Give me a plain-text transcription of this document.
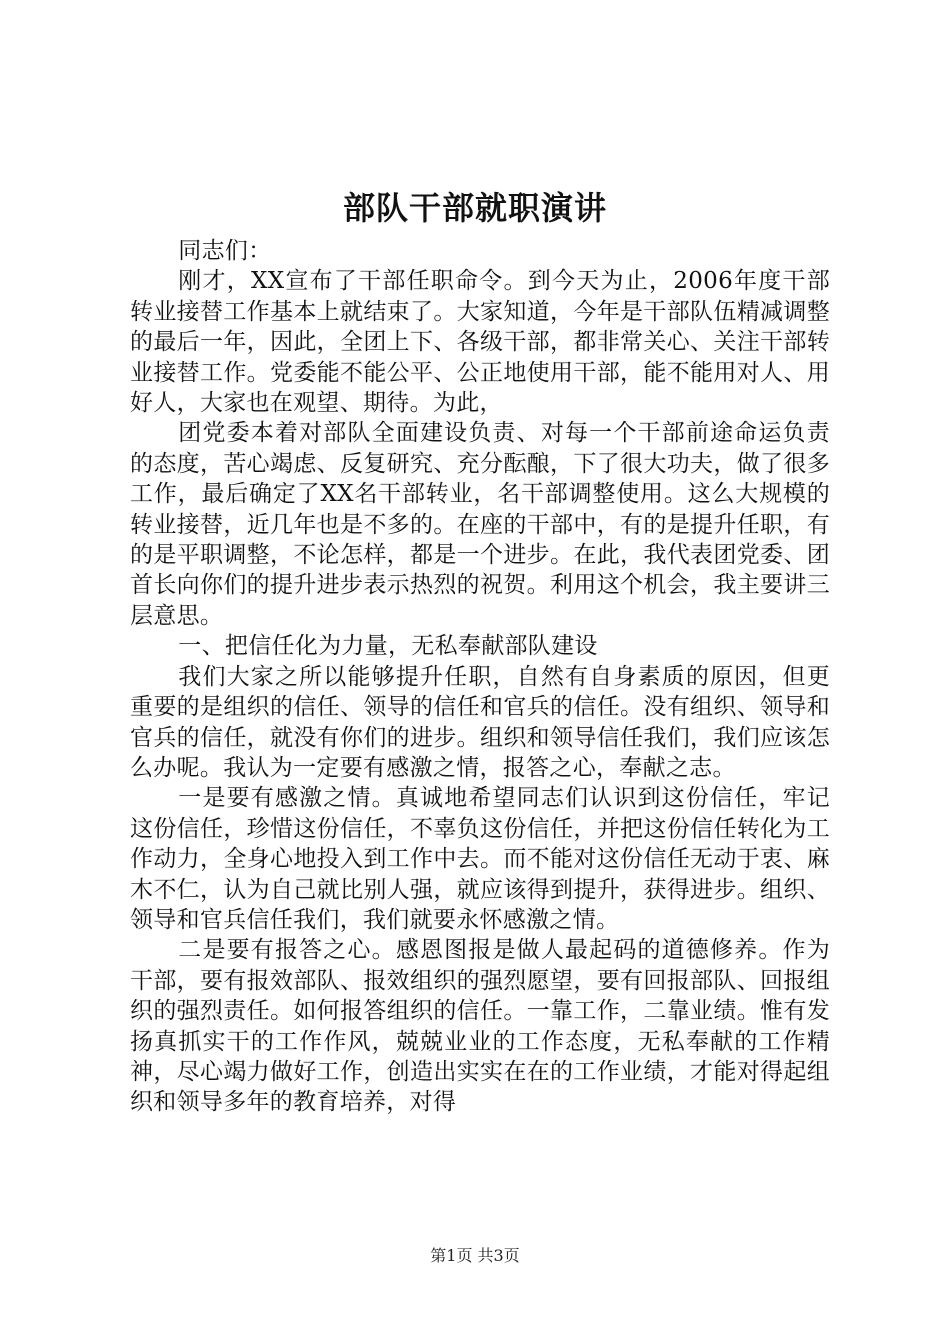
部队干部就职演讲

同志们：

刚才，XX宣布了干部任职命令。到今天为止，2006年度干部转业接替工作基本上就结束了。大家知道，今年是干部队伍精减调整的最后一年，因此，全团上下、各级干部，都非常关心、关注干部转业接替工作。党委能不能公平、公正地使用干部，能不能用对人、用好人，大家也在观望、期待。为此，

团党委本着对部队全面建设负责、对每一个干部前途命运负责的态度，苦心竭虑、反复研究、充分酝酿，下了很大功夫，做了很多工作，最后确定了XX名干部转业，名干部调整使用。这么大规模的转业接替，近几年也是不多的。在座的干部中，有的是提升任职，有的是平职调整，不论怎样，都是一个进步。在此，我代表团党委、团首长向你们的提升进步表示热烈的祝贺。利用这个机会，我主要讲三层意思。

一、把信任化为力量，无私奉献部队建设

我们大家之所以能够提升任职，自然有自身素质的原因，但更重要的是组织的信任、领导的信任和官兵的信任。没有组织、领导和官兵的信任，就没有你们的进步。组织和领导信任我们，我们应该怎么办呢。我认为一定要有感激之情，报答之心，奉献之志。

一是要有感激之情。真诚地希望同志们认识到这份信任，牢记这份信任，珍惜这份信任，不辜负这份信任，并把这份信任转化为工作动力，全身心地投入到工作中去。而不能对这份信任无动于衷、麻木不仁，认为自己就比别人强，就应该得到提升，获得进步。组织、领导和官兵信任我们，我们就要永怀感激之情。

二是要有报答之心。感恩图报是做人最起码的道德修养。作为干部，要有报效部队、报效组织的强烈愿望，要有回报部队、回报组织的强烈责任。如何报答组织的信任。一靠工作，二靠业绩。惟有发扬真抓实干的工作作风，兢兢业业的工作态度，无私奉献的工作精神，尽心竭力做好工作，创造出实实在在的工作业绩，才能对得起组织和领导多年的教育培养，对得

第1页 共3页
